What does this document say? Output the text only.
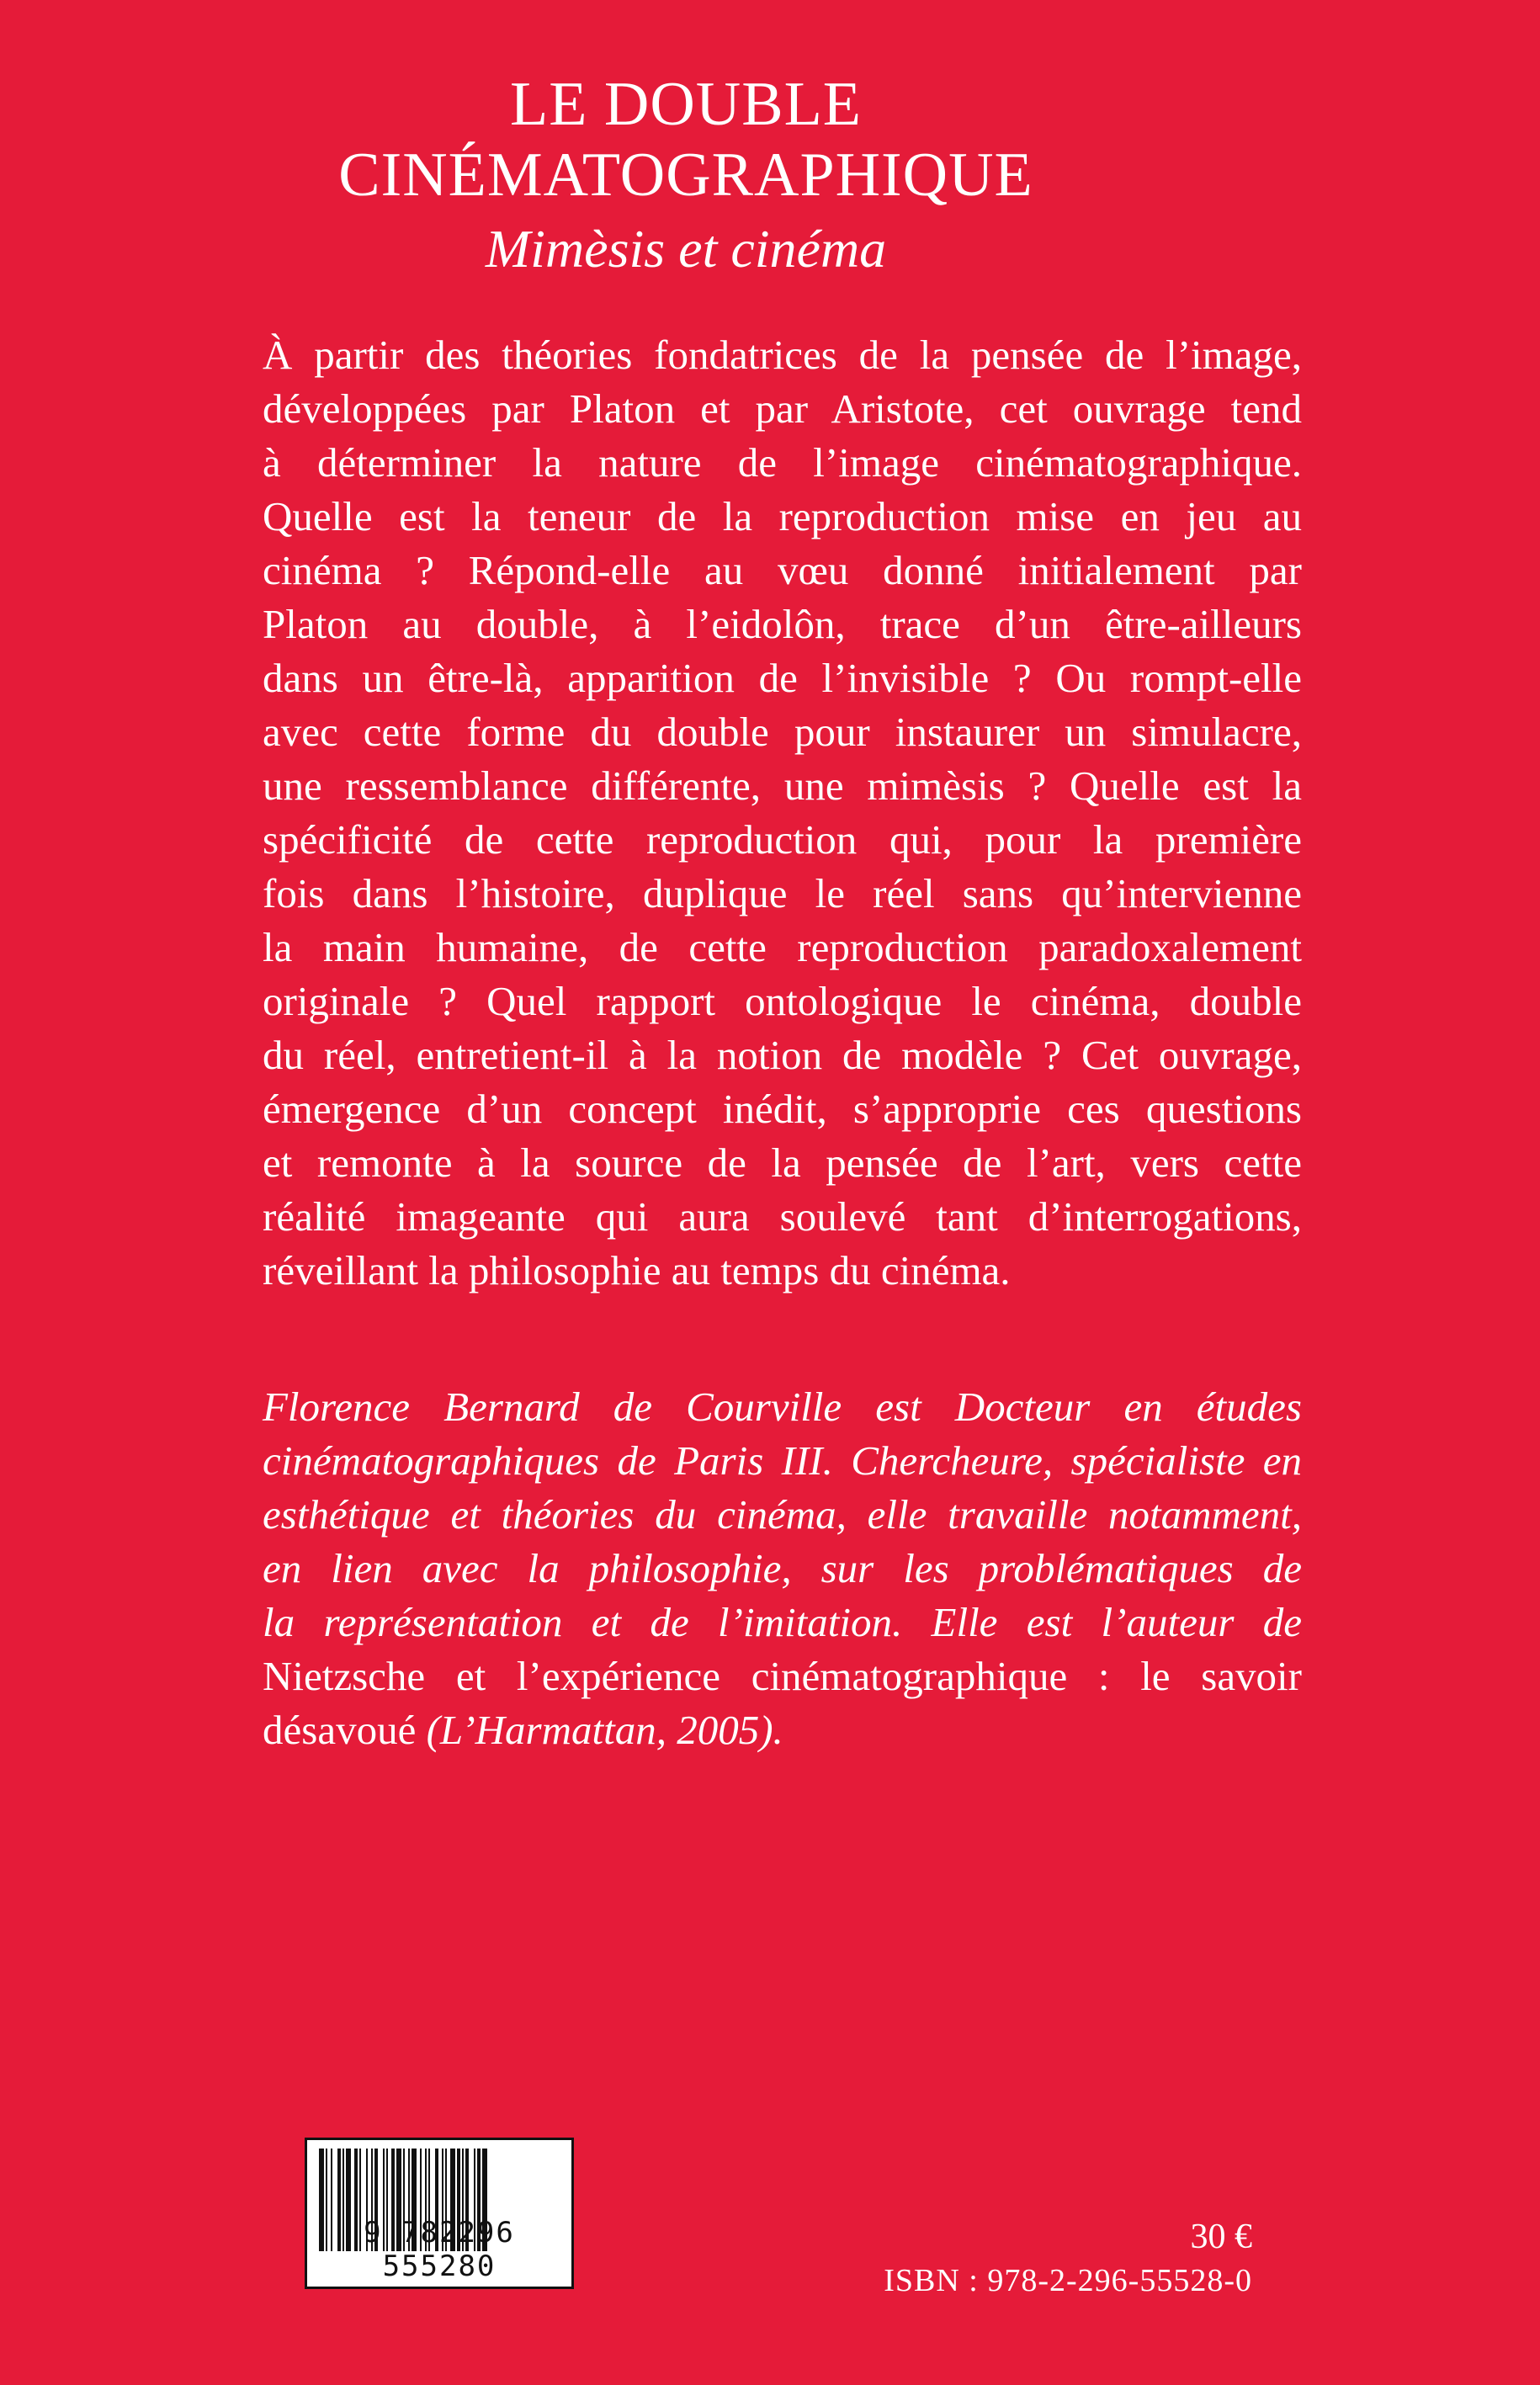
LE DOUBLE
CINÉMATOGRAPHIQUE
Mimèsis et cinéma
À partir des théories fondatrices de la pensée de l’image,
développées par Platon et par Aristote, cet ouvrage tend
à déterminer la nature de l’image cinématographique.
Quelle est la teneur de la reproduction mise en jeu au
cinéma ? Répond-elle au vœu donné initialement par
Platon au double, à l’eidolôn, trace d’un être-ailleurs
dans un être-là, apparition de l’invisible ? Ou rompt-elle
avec cette forme du double pour instaurer un simulacre,
une ressemblance différente, une mimèsis ? Quelle est la
spécificité de cette reproduction qui, pour la première
fois dans l’histoire, duplique le réel sans qu’intervienne
la main humaine, de cette reproduction paradoxalement
originale ? Quel rapport ontologique le cinéma, double
du réel, entretient-il à la notion de modèle ? Cet ouvrage,
émergence d’un concept inédit, s’approprie ces questions
et remonte à la source de la pensée de l’art, vers cette
réalité imageante qui aura soulevé tant d’interrogations,
réveillant la philosophie au temps du cinéma.
Florence Bernard de Courville est Docteur en études
cinématographiques de Paris III. Chercheure, spécialiste en
esthétique et théories du cinéma, elle travaille notamment,
en lien avec la philosophie, sur les problématiques de
la représentation et de l’imitation. Elle est l’auteur de
Nietzsche et l’expérience cinématographique : le savoir
désavoué (L’Harmattan, 2005).
9 782296 555280
30 €
ISBN : 978-2-296-55528-0
